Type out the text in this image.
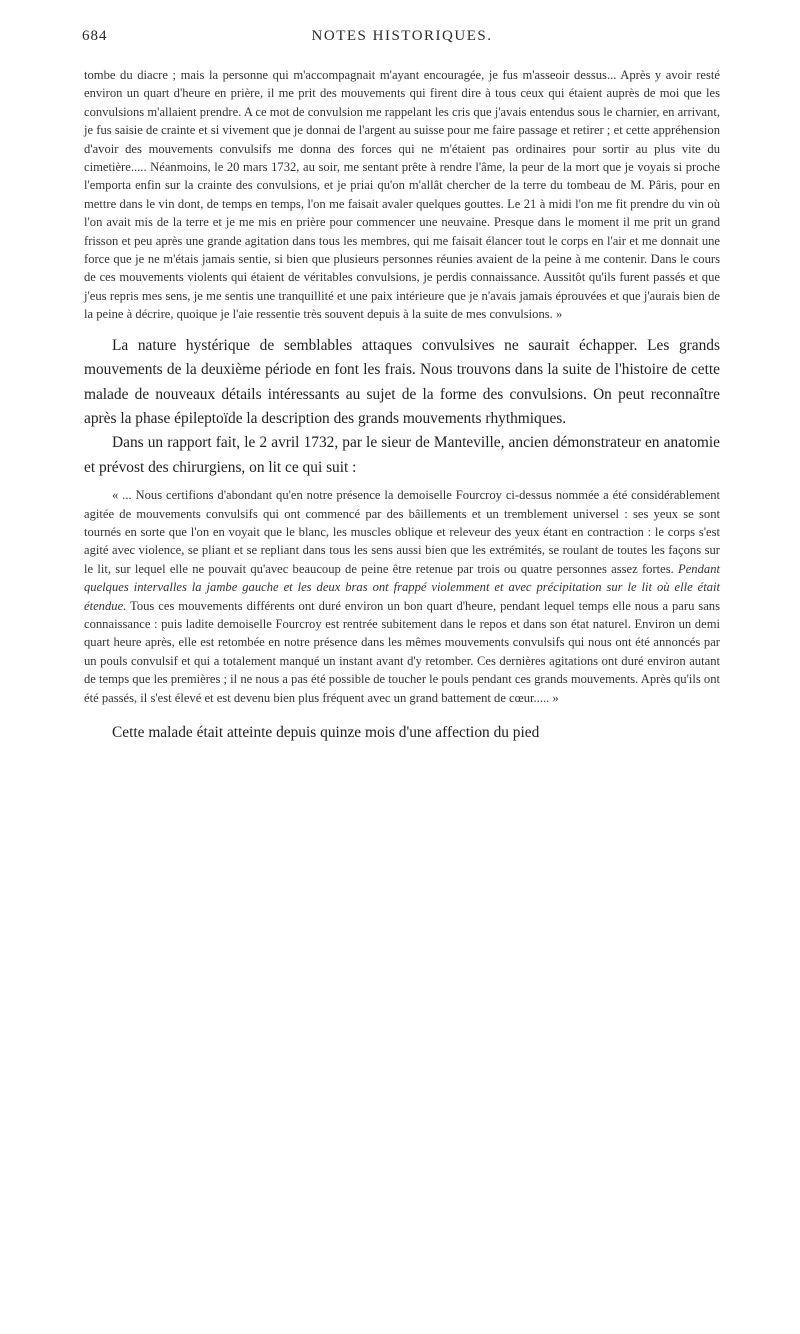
684	NOTES HISTORIQUES.

tombe du diacre ; mais la personne qui m'accompagnait m'ayant encouragée, je fus m'asseoir dessus... Après y avoir resté environ un quart d'heure en prière, il me prit des mouvements qui firent dire à tous ceux qui étaient auprès de moi que les convulsions m'allaient prendre. A ce mot de convulsion me rappelant les cris que j'avais entendus sous le charnier, en arrivant, je fus saisie de crainte et si vivement que je donnai de l'argent au suisse pour me faire passage et retirer ; et cette appréhension d'avoir des mouvements convulsifs me donna des forces qui ne m'étaient pas ordinaires pour sortir au plus vite du cimetière..... Néanmoins, le 20 mars 1732, au soir, me sentant prête à rendre l'âme, la peur de la mort que je voyais si proche l'emporta enfin sur la crainte des convulsions, et je priai qu'on m'allât chercher de la terre du tombeau de M. Pâris, pour en mettre dans le vin dont, de temps en temps, l'on me faisait avaler quelques gouttes. Le 21 à midi l'on me fit prendre du vin où l'on avait mis de la terre et je me mis en prière pour commencer une neuvaine. Presque dans le moment il me prit un grand frisson et peu après une grande agitation dans tous les membres, qui me faisait élancer tout le corps en l'air et me donnait une force que je ne m'étais jamais sentie, si bien que plusieurs personnes réunies avaient de la peine à me contenir. Dans le cours de ces mouvements violents qui étaient de véritables convulsions, je perdis connaissance. Aussitôt qu'ils furent passés et que j'eus repris mes sens, je me sentis une tranquillité et une paix intérieure que je n'avais jamais éprouvées et que j'aurais bien de la peine à décrire, quoique je l'aie ressentie très souvent depuis à la suite de mes convulsions. »

La nature hystérique de semblables attaques convulsives ne saurait échapper. Les grands mouvements de la deuxième période en font les frais. Nous trouvons dans la suite de l'histoire de cette malade de nouveaux détails intéressants au sujet de la forme des convulsions. On peut reconnaître après la phase épileptoïde la description des grands mouvements rhythmiques.

Dans un rapport fait, le 2 avril 1732, par le sieur de Manteville, ancien démonstrateur en anatomie et prévost des chirurgiens, on lit ce qui suit :

« ... Nous certifions d'abondant qu'en notre présence la demoiselle Fourcroy ci-dessus nommée a été considérablement agitée de mouvements convulsifs qui ont commencé par des bâillements et un tremblement universel : ses yeux se sont tournés en sorte que l'on en voyait que le blanc, les muscles oblique et releveur des yeux étant en contraction : le corps s'est agité avec violence, se pliant et se repliant dans tous les sens aussi bien que les extrémités, se roulant de toutes les façons sur le lit, sur lequel elle ne pouvait qu'avec beaucoup de peine être retenue par trois ou quatre personnes assez fortes. Pendant quelques intervalles la jambe gauche et les deux bras ont frappé violemment et avec précipitation sur le lit où elle était étendue. Tous ces mouvements différents ont duré environ un bon quart d'heure, pendant lequel temps elle nous a paru sans connaissance : puis ladite demoiselle Fourcroy est rentrée subitement dans le repos et dans son état naturel. Environ un demi quart heure après, elle est retombée en notre présence dans les mêmes mouvements convulsifs qui nous ont été annoncés par un pouls convulsif et qui a totalement manqué un instant avant d'y retomber. Ces dernières agitations ont duré environ autant de temps que les premières ; il ne nous a pas été possible de toucher le pouls pendant ces grands mouvements. Après qu'ils ont été passés, il s'est élevé et est devenu bien plus fréquent avec un grand battement de cœur..... »

Cette malade était atteinte depuis quinze mois d'une affection du pied
